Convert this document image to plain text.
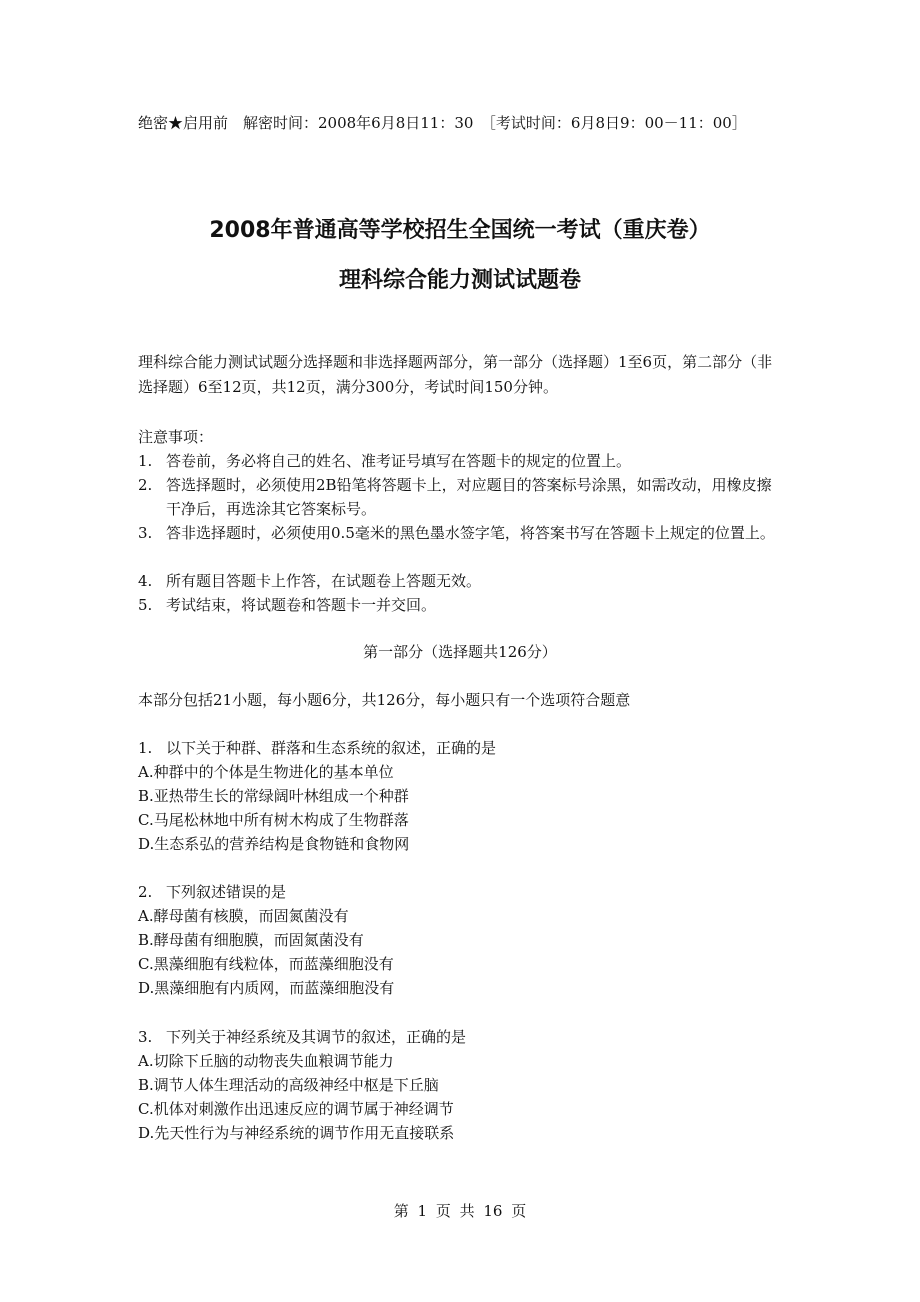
绝密★启用前　解密时间：2008年6月8日11：30　［考试时间：6月8日9：00－11：00］
2008年普通高等学校招生全国统一考试（重庆卷）
理科综合能力测试试题卷
理科综合能力测试试题分选择题和非选择题两部分，第一部分（选择题）1至6页，第二部分（非选择题）6至12页，共12页，满分300分，考试时间150分钟。
注意事项：
1. 答卷前，务必将自己的姓名、准考证号填写在答题卡的规定的位置上。
2. 答选择题时，必须使用2B铅笔将答题卡上，对应题目的答案标号涂黑，如需改动，用橡皮擦干净后，再选涂其它答案标号。
3. 答非选择题时，必须使用0.5毫米的黑色墨水签字笔，将答案书写在答题卡上规定的位置上。
4. 所有题目答题卡上作答，在试题卷上答题无效。
5. 考试结束，将试题卷和答题卡一并交回。
第一部分（选择题共126分）
本部分包括21小题，每小题6分，共126分，每小题只有一个选项符合题意
1. 以下关于种群、群落和生态系统的叙述，正确的是
A.种群中的个体是生物进化的基本单位
B.亚热带生长的常绿阔叶林组成一个种群
C.马尾松林地中所有树木构成了生物群落
D.生态系弘的营养结构是食物链和食物网
2. 下列叙述错误的是
A.酵母菌有核膜，而固氮菌没有
B.酵母菌有细胞膜，而固氮菌没有
C.黑藻细胞有线粒体，而蓝藻细胞没有
D.黑藻细胞有内质网，而蓝藻细胞没有
3. 下列关于神经系统及其调节的叙述，正确的是
A.切除下丘脑的动物丧失血粮调节能力
B.调节人体生理活动的高级神经中枢是下丘脑
C.机体对刺激作出迅速反应的调节属于神经调节
D.先天性行为与神经系统的调节作用无直接联系
第 1 页 共 16 页
